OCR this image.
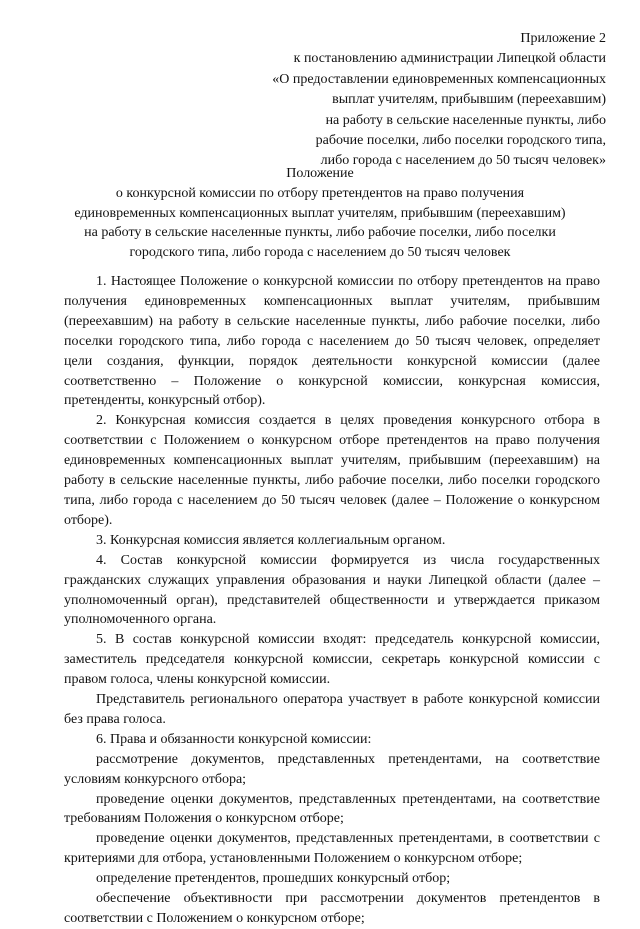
Приложение 2
к постановлению администрации Липецкой области
«О предоставлении единовременных компенсационных
выплат учителям, прибывшим (переехавшим)
на работу в сельские населенные пункты, либо
рабочие поселки, либо поселки городского типа,
либо города с населением до 50 тысяч человек»
Положение
о конкурсной комиссии по отбору претендентов на право получения
единовременных компенсационных выплат учителям, прибывшим (переехавшим)
на работу в сельские населенные пункты, либо рабочие поселки, либо поселки
городского типа, либо города с населением до 50 тысяч человек

1. Настоящее Положение о конкурсной комиссии по отбору претендентов на право получения единовременных компенсационных выплат учителям, прибывшим (переехавшим) на работу в сельские населенные пункты, либо рабочие поселки, либо поселки городского типа, либо города с населением до 50 тысяч человек, определяет цели создания, функции, порядок деятельности конкурсной комиссии (далее соответственно – Положение о конкурсной комиссии, конкурсная комиссия, претенденты, конкурсный отбор).

2. Конкурсная комиссия создается в целях проведения конкурсного отбора в соответствии с Положением о конкурсном отборе претендентов на право получения единовременных компенсационных выплат учителям, прибывшим (переехавшим) на работу в сельские населенные пункты, либо рабочие поселки, либо поселки городского типа, либо города с населением до 50 тысяч человек (далее – Положение о конкурсном отборе).

3. Конкурсная комиссия является коллегиальным органом.

4. Состав конкурсной комиссии формируется из числа государственных гражданских служащих управления образования и науки Липецкой области (далее – уполномоченный орган), представителей общественности и утверждается приказом уполномоченного органа.

5. В состав конкурсной комиссии входят: председатель конкурсной комиссии, заместитель председателя конкурсной комиссии, секретарь конкурсной комиссии с правом голоса, члены конкурсной комиссии.

Представитель регионального оператора участвует в работе конкурсной комиссии без права голоса.

6. Права и обязанности конкурсной комиссии:

рассмотрение документов, представленных претендентами, на соответствие условиям конкурсного отбора;

проведение оценки документов, представленных претендентами, на соответствие требованиям Положения о конкурсном отборе;

проведение оценки документов, представленных претендентами, в соответствии с критериями для отбора, установленными Положением о конкурсном отборе;

определение претендентов, прошедших конкурсный отбор;

обеспечение объективности при рассмотрении документов претендентов в соответствии с Положением о конкурсном отборе;
